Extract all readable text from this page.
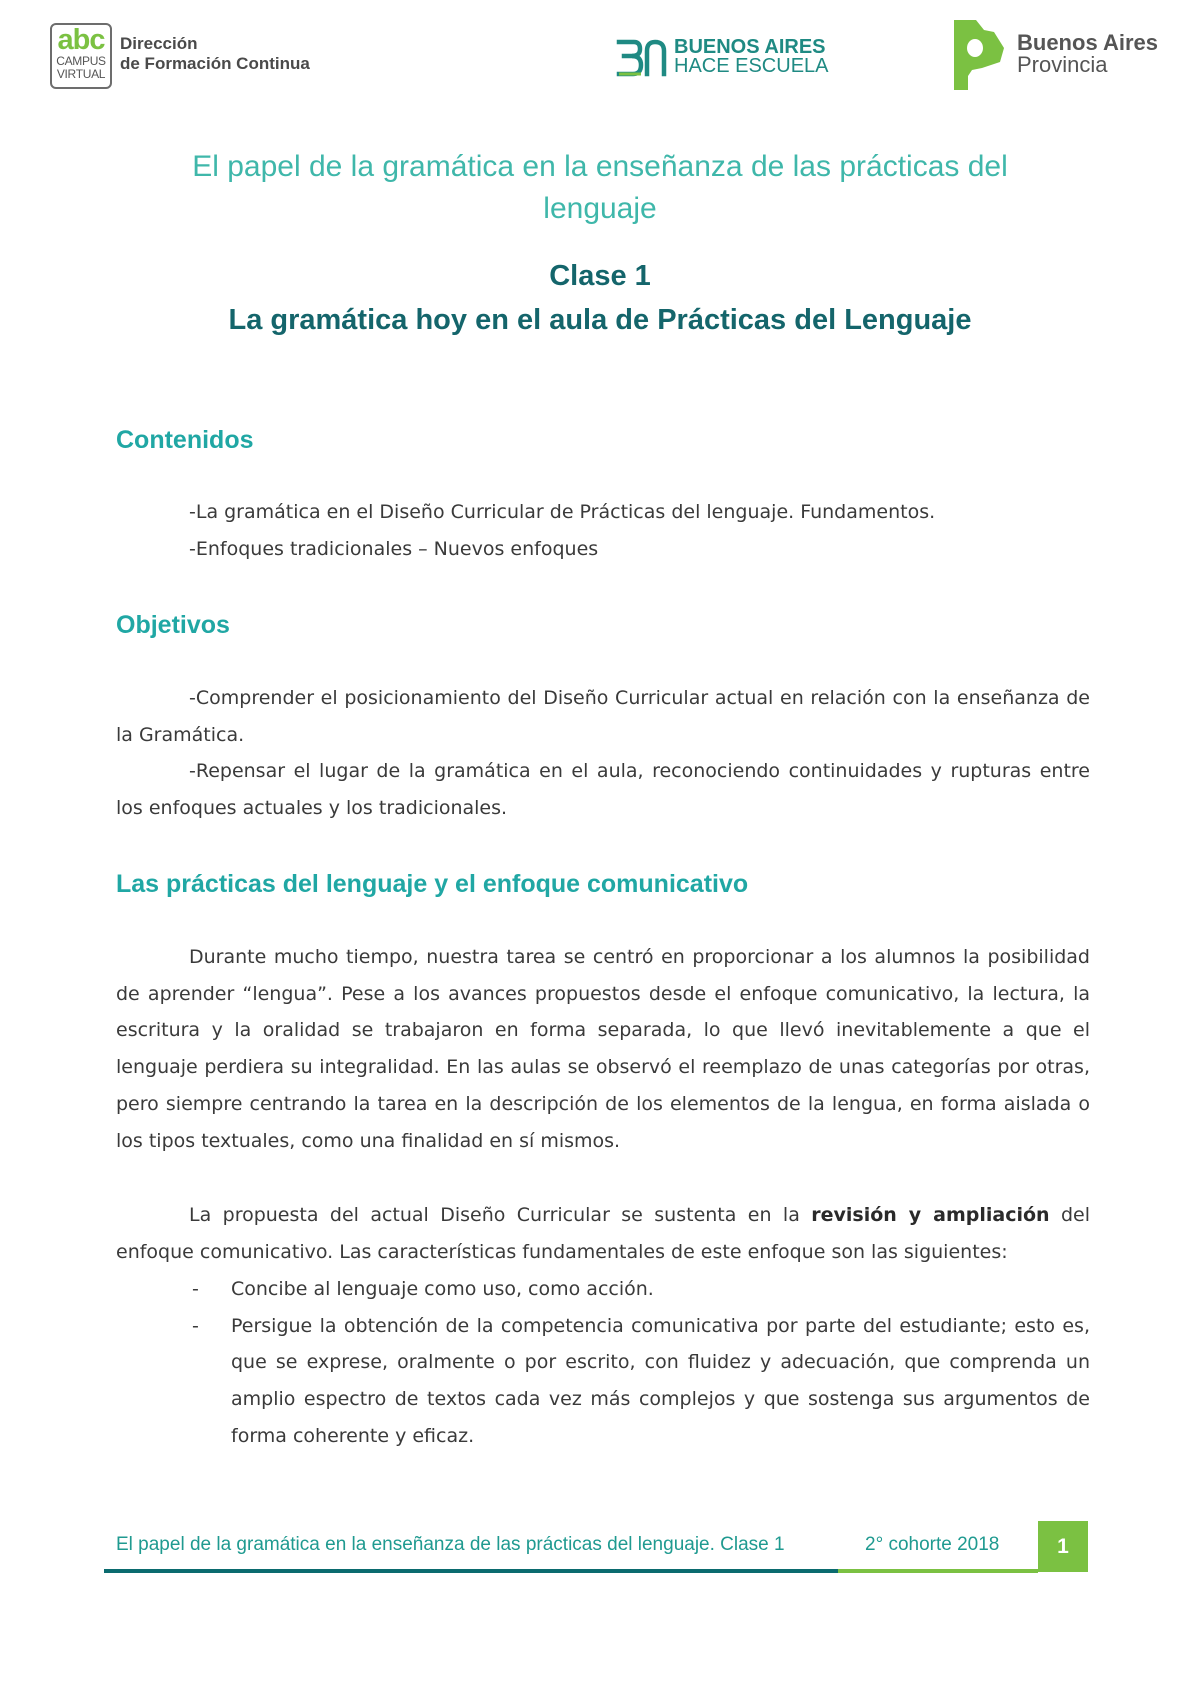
abc
CAMPUS
VIRTUAL
Dirección
de Formación Continua
BUENOS AIRES
HACE ESCUELA
Buenos Aires
Provincia
El papel de la gramática en la enseñanza de las prácticas del
lenguaje
Clase 1
La gramática hoy en el aula de Prácticas del Lenguaje
Contenidos
-La gramática en el Diseño Curricular de Prácticas del lenguaje. Fundamentos.
-Enfoques tradicionales – Nuevos enfoques
Objetivos
-Comprender el posicionamiento del Diseño Curricular actual en relación con la enseñanza de la Gramática.
-Repensar el lugar de la gramática en el aula, reconociendo continuidades y rupturas entre los enfoques actuales y los tradicionales.
Las prácticas del lenguaje y el enfoque comunicativo
Durante mucho tiempo, nuestra tarea se centró en proporcionar a los alumnos la posibilidad de aprender “lengua”. Pese a los avances propuestos desde el enfoque comunicativo, la lectura, la escritura y la oralidad se trabajaron en forma separada, lo que llevó inevitablemente a que el lenguaje perdiera su integralidad. En las aulas se observó el reemplazo de unas categorías por otras, pero siempre centrando la tarea en la descripción de los elementos de la lengua, en forma aislada o los tipos textuales, como una finalidad en sí mismos.
La propuesta del actual Diseño Curricular se sustenta en la revisión y ampliación del enfoque comunicativo. Las características fundamentales de este enfoque son las siguientes:
- Concibe al lenguaje como uso, como acción.
- Persigue la obtención de la competencia comunicativa por parte del estudiante; esto es, que se exprese, oralmente o por escrito, con fluidez y adecuación, que comprenda un amplio espectro de textos cada vez más complejos y que sostenga sus argumentos de forma coherente y eficaz.
El papel de la gramática en la enseñanza de las prácticas del lenguaje. Clase 1	2° cohorte 2018	1
